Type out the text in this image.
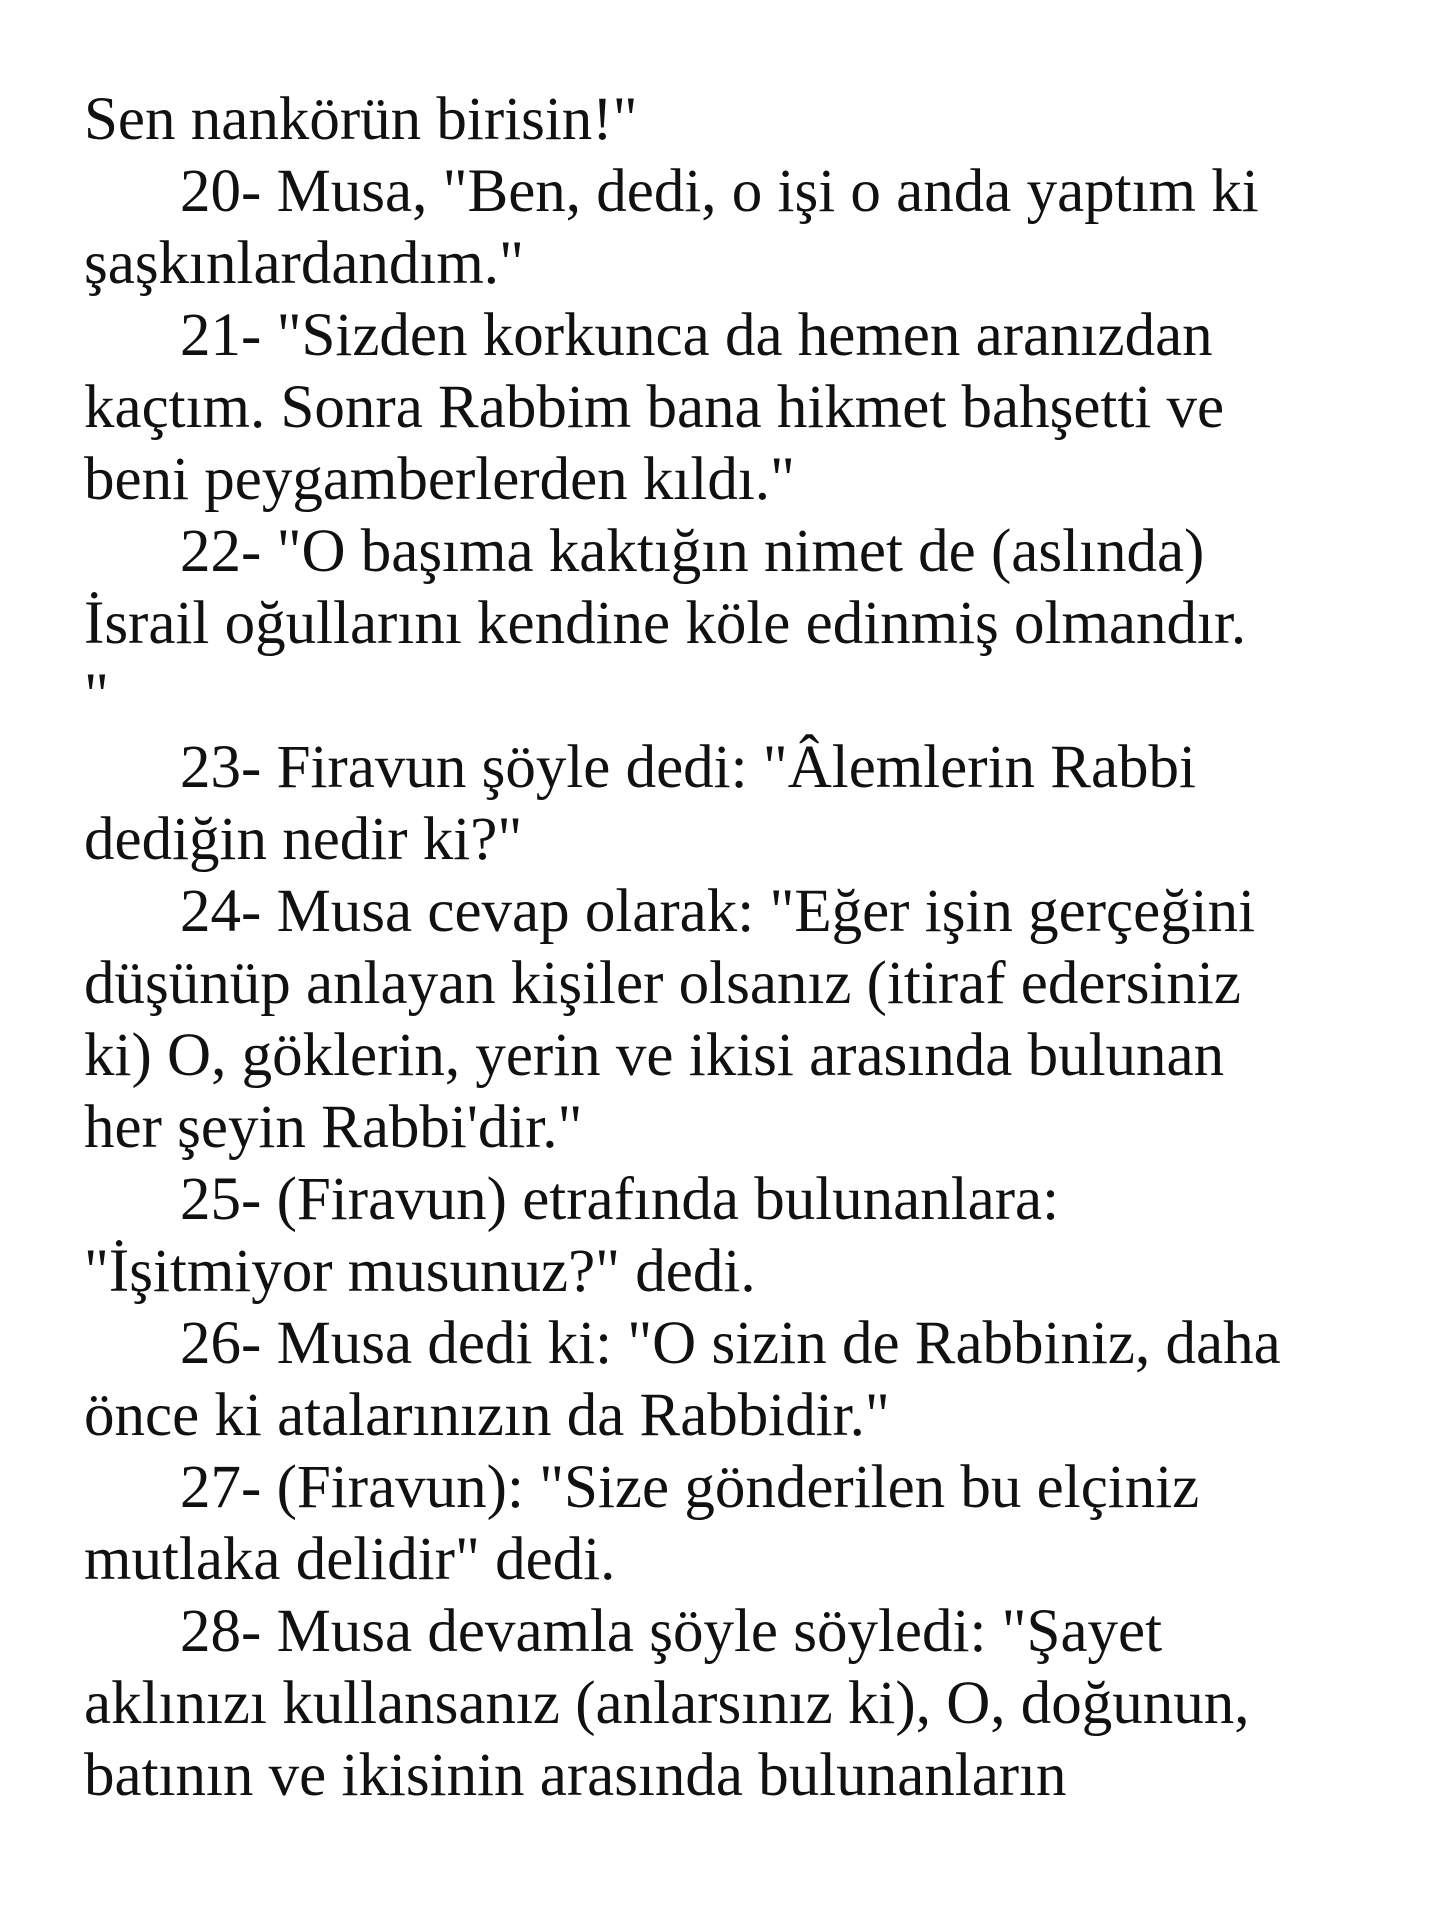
Sen nankörün birisin!"
20- Musa, "Ben, dedi, o işi o anda yaptım ki
şaşkınlardandım."
21- "Sizden korkunca da hemen aranızdan
kaçtım. Sonra Rabbim bana hikmet bahşetti ve
beni peygamberlerden kıldı."
22- "O başıma kaktığın nimet de (aslında)
İsrail oğullarını kendine köle edinmiş olmandır.
"
23- Firavun şöyle dedi: "Âlemlerin Rabbi
dediğin nedir ki?"
24- Musa cevap olarak: "Eğer işin gerçeğini
düşünüp anlayan kişiler olsanız (itiraf edersiniz
ki) O, göklerin, yerin ve ikisi arasında bulunan
her şeyin Rabbi'dir."
25- (Firavun) etrafında bulunanlara:
"İşitmiyor musunuz?" dedi.
26- Musa dedi ki: "O sizin de Rabbiniz, daha
önce ki atalarınızın da Rabbidir."
27- (Firavun): "Size gönderilen bu elçiniz
mutlaka delidir" dedi.
28- Musa devamla şöyle söyledi: "Şayet
aklınızı kullansanız (anlarsınız ki), O, doğunun,
batının ve ikisinin arasında bulunanların
